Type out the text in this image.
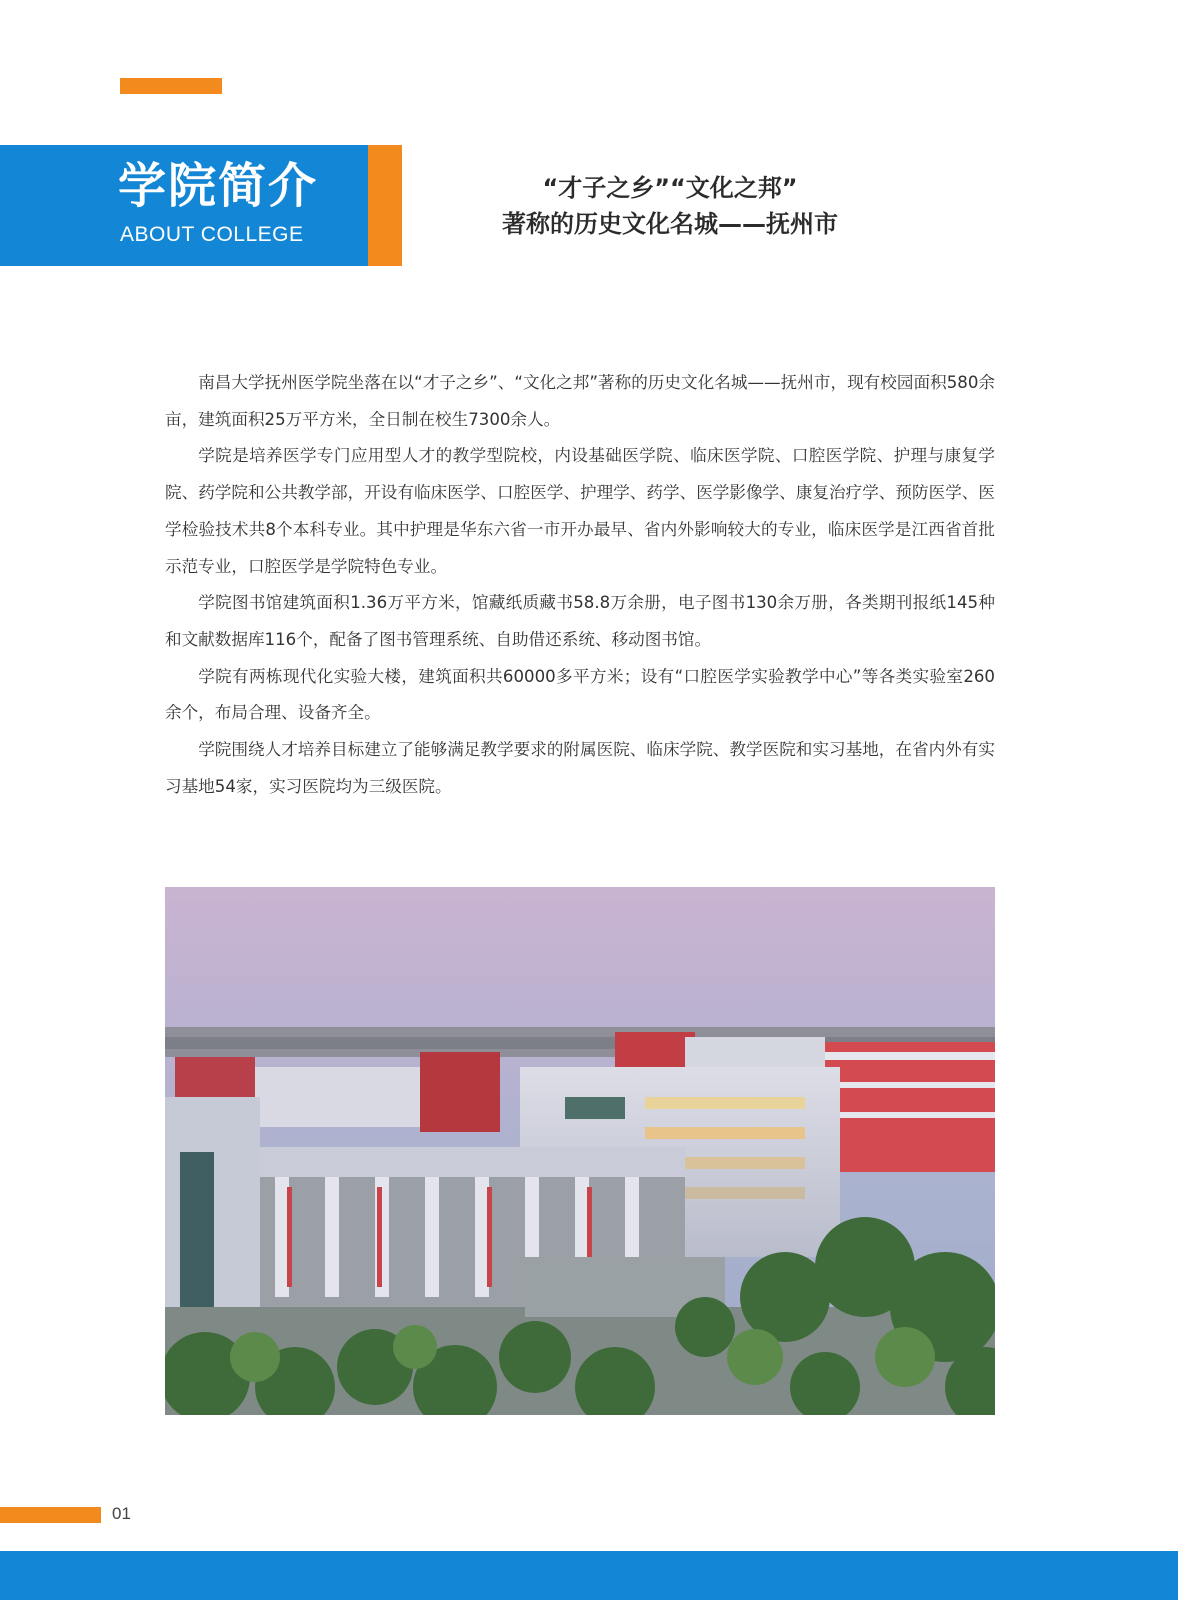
学院简介
ABOUT COLLEGE
“才子之乡”“文化之邦”
著称的历史文化名城——抚州市

南昌大学抚州医学院坐落在以“才子之乡”、“文化之邦”著称的历史文化名城——抚州市，现有校园面积580余亩，建筑面积25万平方米，全日制在校生7300余人。

学院是培养医学专门应用型人才的教学型院校，内设基础医学院、临床医学院、口腔医学院、护理与康复学院、药学院和公共教学部，开设有临床医学、口腔医学、护理学、药学、医学影像学、康复治疗学、预防医学、医学检验技术共8个本科专业。其中护理是华东六省一市开办最早、省内外影响较大的专业，临床医学是江西省首批示范专业，口腔医学是学院特色专业。

学院图书馆建筑面积1.36万平方米，馆藏纸质藏书58.8万余册，电子图书130余万册，各类期刊报纸145种和文献数据库116个，配备了图书管理系统、自助借还系统、移动图书馆。

学院有两栋现代化实验大楼，建筑面积共60000多平方米；设有“口腔医学实验教学中心”等各类实验室260余个，布局合理、设备齐全。

学院围绕人才培养目标建立了能够满足教学要求的附属医院、临床学院、教学医院和实习基地，在省内外有实习基地54家，实习医院均为三级医院。

01
